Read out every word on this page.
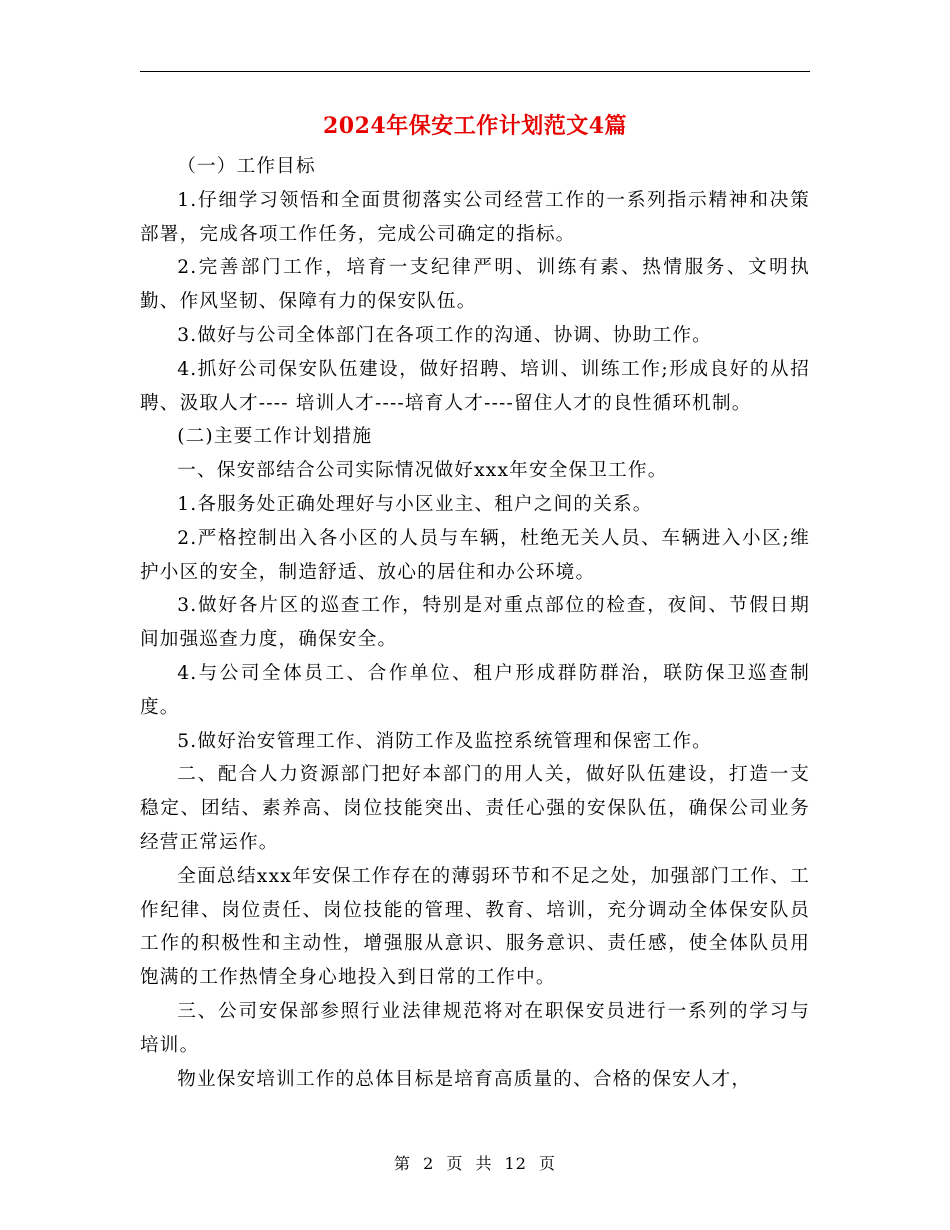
2024年保安工作计划范文4篇

（一）工作目标

1.仔细学习领悟和全面贯彻落实公司经营工作的一系列指示精神和决策部署，完成各项工作任务，完成公司确定的指标。

2.完善部门工作，培育一支纪律严明、训练有素、热情服务、文明执勤、作风坚韧、保障有力的保安队伍。

3.做好与公司全体部门在各项工作的沟通、协调、协助工作。

4.抓好公司保安队伍建设，做好招聘、培训、训练工作;形成良好的从招聘、汲取人才---- 培训人才----培育人才----留住人才的良性循环机制。

(二)主要工作计划措施

一、保安部结合公司实际情况做好xxx年安全保卫工作。

1.各服务处正确处理好与小区业主、租户之间的关系。

2.严格控制出入各小区的人员与车辆，杜绝无关人员、车辆进入小区;维护小区的安全，制造舒适、放心的居住和办公环境。

3.做好各片区的巡查工作，特别是对重点部位的检查，夜间、节假日期间加强巡查力度，确保安全。

4.与公司全体员工、合作单位、租户形成群防群治，联防保卫巡查制度。

5.做好治安管理工作、消防工作及监控系统管理和保密工作。

二、配合人力资源部门把好本部门的用人关，做好队伍建设，打造一支稳定、团结、素养高、岗位技能突出、责任心强的安保队伍，确保公司业务经营正常运作。

全面总结xxx年安保工作存在的薄弱环节和不足之处，加强部门工作、工作纪律、岗位责任、岗位技能的管理、教育、培训，充分调动全体保安队员工作的积极性和主动性，增强服从意识、服务意识、责任感，使全体队员用饱满的工作热情全身心地投入到日常的工作中。

三、公司安保部参照行业法律规范将对在职保安员进行一系列的学习与培训。

物业保安培训工作的总体目标是培育高质量的、合格的保安人才，

第 2 页 共 12 页
